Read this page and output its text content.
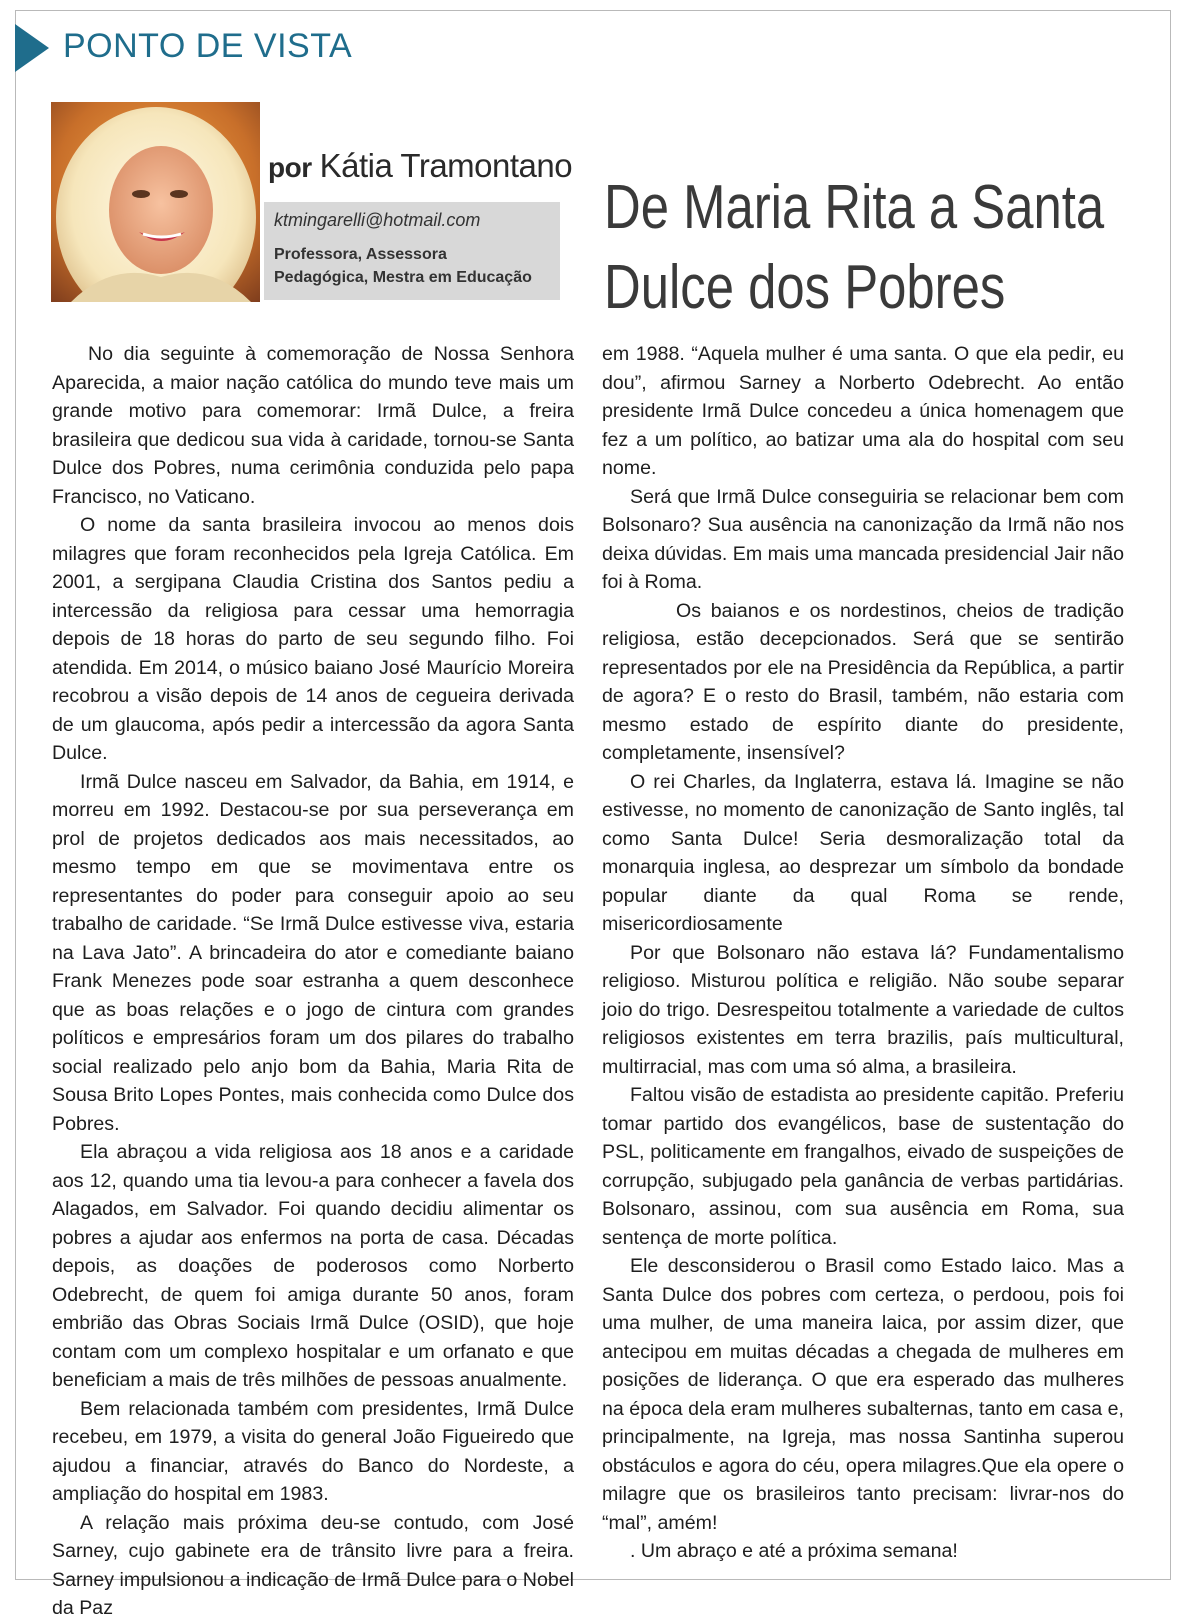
PONTO DE VISTA
por Kátia Tramontano
ktmingarelli@hotmail.com
Professora, Assessora
Pedagógica, Mestra em Educação
De Maria Rita a Santa
Dulce dos Pobres

No dia seguinte à comemoração de Nossa Senhora Aparecida, a maior nação católica do mundo teve mais um grande motivo para comemorar: Irmã Dulce, a freira brasileira que dedicou sua vida à caridade, tornou-se Santa Dulce dos Pobres, numa cerimônia conduzida pelo papa Francisco, no Vaticano.

O nome da santa brasileira invocou ao menos dois milagres que foram reconhecidos pela Igreja Católica. Em 2001, a sergipana Claudia Cristina dos Santos pediu a intercessão da religiosa para cessar uma hemorragia depois de 18 horas do parto de seu segundo filho. Foi atendida. Em 2014, o músico baiano José Maurício Moreira recobrou a visão depois de 14 anos de cegueira derivada de um glaucoma, após pedir a intercessão da agora Santa Dulce.

Irmã Dulce nasceu em Salvador, da Bahia, em 1914, e morreu em 1992. Destacou-se por sua perseverança em prol de projetos dedicados aos mais necessitados, ao mesmo tempo em que se movimentava entre os representantes do poder para conseguir apoio ao seu trabalho de caridade. “Se Irmã Dulce estivesse viva, estaria na Lava Jato”. A brincadeira do ator e comediante baiano Frank Menezes pode soar estranha a quem desconhece que as boas relações e o jogo de cintura com grandes políticos e empresários foram um dos pilares do trabalho social realizado pelo anjo bom da Bahia, Maria Rita de Sousa Brito Lopes Pontes, mais conhecida como Dulce dos Pobres.

Ela abraçou a vida religiosa aos 18 anos e a caridade aos 12, quando uma tia levou-a para conhecer a favela dos Alagados, em Salvador. Foi quando decidiu alimentar os pobres a ajudar aos enfermos na porta de casa. Décadas depois, as doações de poderosos como Norberto Odebrecht, de quem foi amiga durante 50 anos, foram embrião das Obras Sociais Irmã Dulce (OSID), que hoje contam com um complexo hospitalar e um orfanato e que beneficiam a mais de três milhões de pessoas anualmente.

Bem relacionada também com presidentes, Irmã Dulce recebeu, em 1979, a visita do general João Figueiredo que ajudou a financiar, através do Banco do Nordeste, a ampliação do hospital em 1983.

A relação mais próxima deu-se contudo, com José Sarney, cujo gabinete era de trânsito livre para a freira. Sarney impulsionou a indicação de Irmã Dulce para o Nobel da Paz

em 1988. “Aquela mulher é uma santa. O que ela pedir, eu dou”, afirmou Sarney a Norberto Odebrecht. Ao então presidente Irmã Dulce concedeu a única homenagem que fez a um político, ao batizar uma ala do hospital com seu nome.

Será que Irmã Dulce conseguiria se relacionar bem com Bolsonaro? Sua ausência na canonização da Irmã não nos deixa dúvidas. Em mais uma mancada presidencial Jair não foi à Roma.

Os baianos e os nordestinos, cheios de tradição religiosa, estão decepcionados. Será que se sentirão representados por ele na Presidência da República, a partir de agora? E o resto do Brasil, também, não estaria com mesmo estado de espírito diante do presidente, completamente, insensível?

O rei Charles, da Inglaterra, estava lá. Imagine se não estivesse, no momento de canonização de Santo inglês, tal como Santa Dulce! Seria desmoralização total da monarquia inglesa, ao desprezar um símbolo da bondade popular diante da qual Roma se rende, misericordiosamente

Por que Bolsonaro não estava lá? Fundamentalismo religioso. Misturou política e religião. Não soube separar joio do trigo. Desrespeitou totalmente a variedade de cultos religiosos existentes em terra brazilis, país multicultural, multirracial, mas com uma só alma, a brasileira.

Faltou visão de estadista ao presidente capitão. Preferiu tomar partido dos evangélicos, base de sustentação do PSL, politicamente em frangalhos, eivado de suspeições de corrupção, subjugado pela ganância de verbas partidárias. Bolsonaro, assinou, com sua ausência em Roma, sua sentença de morte política.

Ele desconsiderou o Brasil como Estado laico. Mas a Santa Dulce dos pobres com certeza, o perdoou, pois foi uma mulher, de uma maneira laica, por assim dizer, que antecipou em muitas décadas a chegada de mulheres em posições de liderança. O que era esperado das mulheres na época dela eram mulheres subalternas, tanto em casa e, principalmente, na Igreja, mas nossa Santinha superou obstáculos e agora do céu, opera milagres.Que ela opere o milagre que os brasileiros tanto precisam: livrar-nos do “mal”, amém!

. Um abraço e até a próxima semana!
